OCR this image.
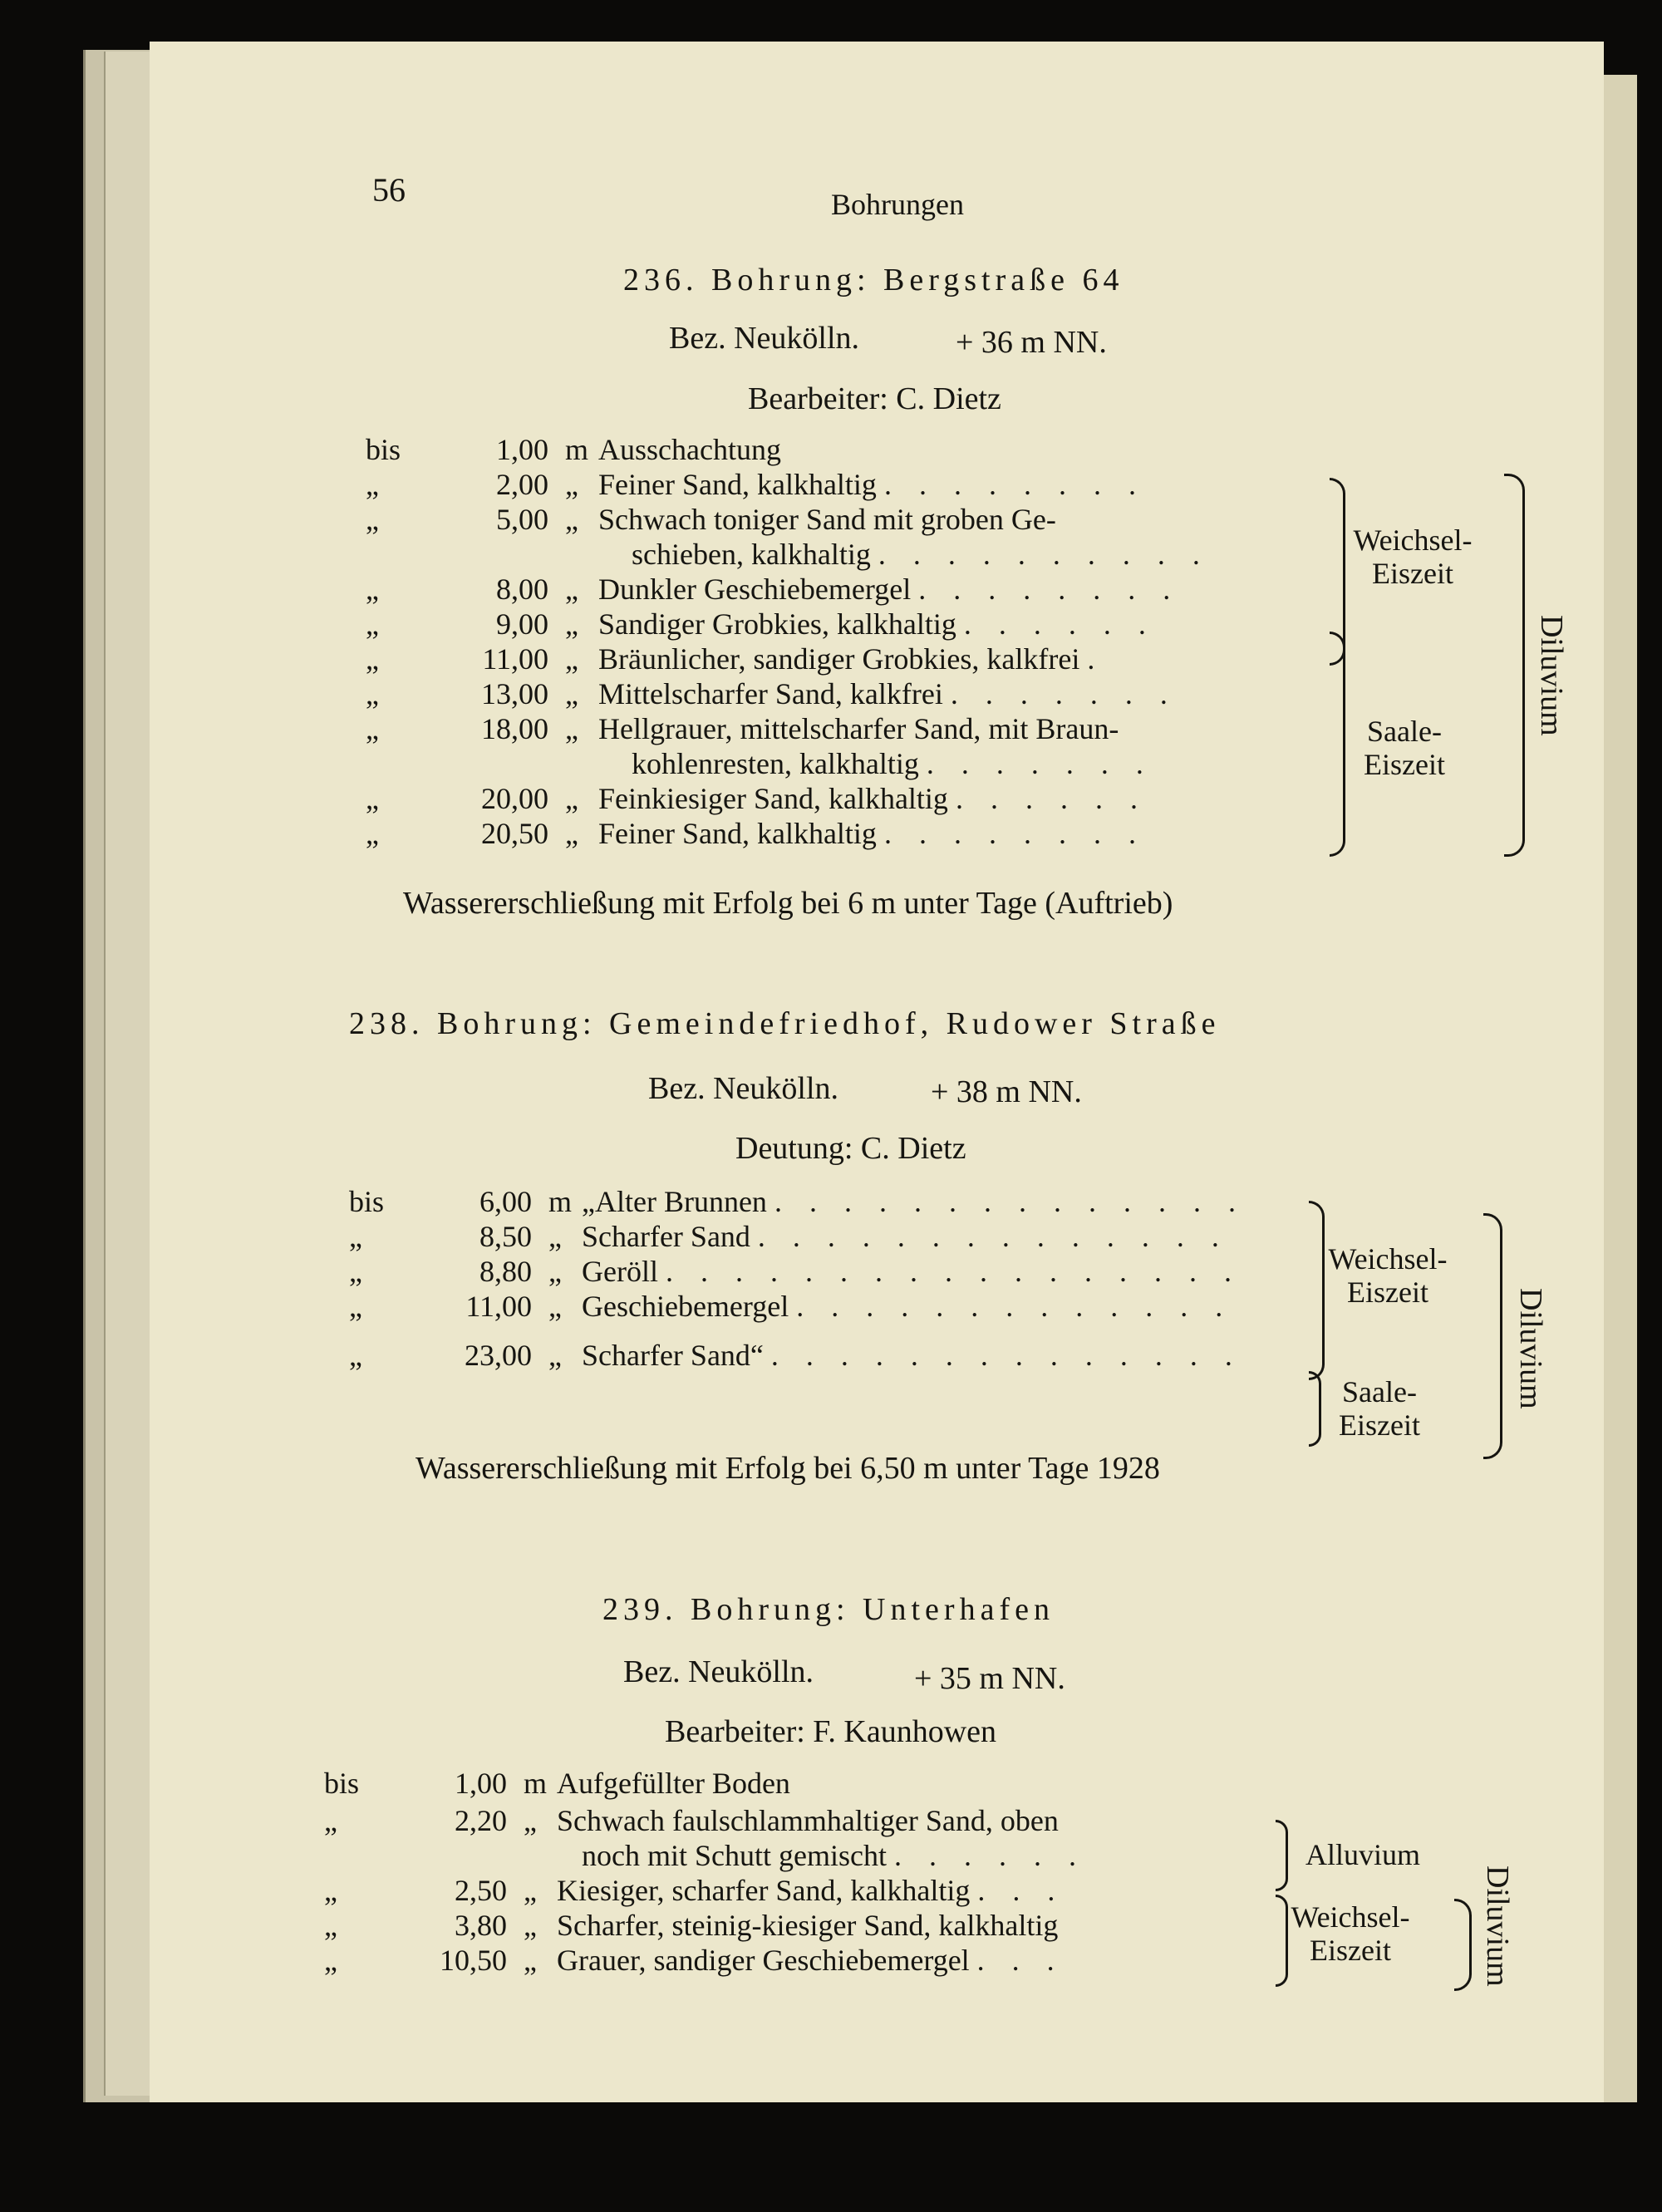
56	Bohrungen
236. Bohrung: Bergstraße 64
Bez. Neukölln.	+ 36 m NN.
Bearbeiter: C. Dietz
bis	1,00 m Ausschachtung
„	2,00 „ Feiner Sand, kalkhaltig . . . . . . . .
„	5,00 „ Schwach toniger Sand mit groben Ge-
schieben, kalkhaltig . . . . . . . . . .
„	8,00 „ Dunkler Geschiebemergel . . . . . . . .
„	9,00 „ Sandiger Grobkies, kalkhaltig . . . . . .
„	11,00 „ Bräunlicher, sandiger Grobkies, kalkfrei .
„	13,00 „ Mittelscharfer Sand, kalkfrei . . . . . . .
„	18,00 „ Hellgrauer, mittelscharfer Sand, mit Braun-
kohlenresten, kalkhaltig . . . . . . .
„	20,00 „ Feinkiesiger Sand, kalkhaltig . . . . . .
„	20,50 „ Feiner Sand, kalkhaltig . . . . . . . .
Weichsel-
Eiszeit
Saale-
Eiszeit
Diluvium
Wassererschließung mit Erfolg bei 6 m unter Tage (Auftrieb)
238. Bohrung: Gemeindefriedhof, Rudower Straße
Bez. Neukölln.	+ 38 m NN.
Deutung: C. Dietz
bis	6,00 m „Alter Brunnen . . . . . . . . . . . . . .
„	8,50 „ Scharfer Sand . . . . . . . . . . . . . .
„	8,80 „ Geröll . . . . . . . . . . . . . . . . .
„	11,00 „ Geschiebemergel . . . . . . . . . . . . .
„	23,00 „ Scharfer Sand“ . . . . . . . . . . . . . .
Weichsel-
Eiszeit
Saale-
Eiszeit
Diluvium
Wassererschließung mit Erfolg bei 6,50 m unter Tage 1928
239. Bohrung: Unterhafen
Bez. Neukölln.	+ 35 m NN.
Bearbeiter: F. Kaunhowen
bis	1,00 m Aufgefüllter Boden
„	2,20 „ Schwach faulschlammhaltiger Sand, oben
noch mit Schutt gemischt . . . . . .
„	2,50 „ Kiesiger, scharfer Sand, kalkhaltig . . .
„	3,80 „ Scharfer, steinig-kiesiger Sand, kalkhaltig
„	10,50 „ Grauer, sandiger Geschiebemergel . . .
Alluvium
Weichsel-
Eiszeit	Diluvium
